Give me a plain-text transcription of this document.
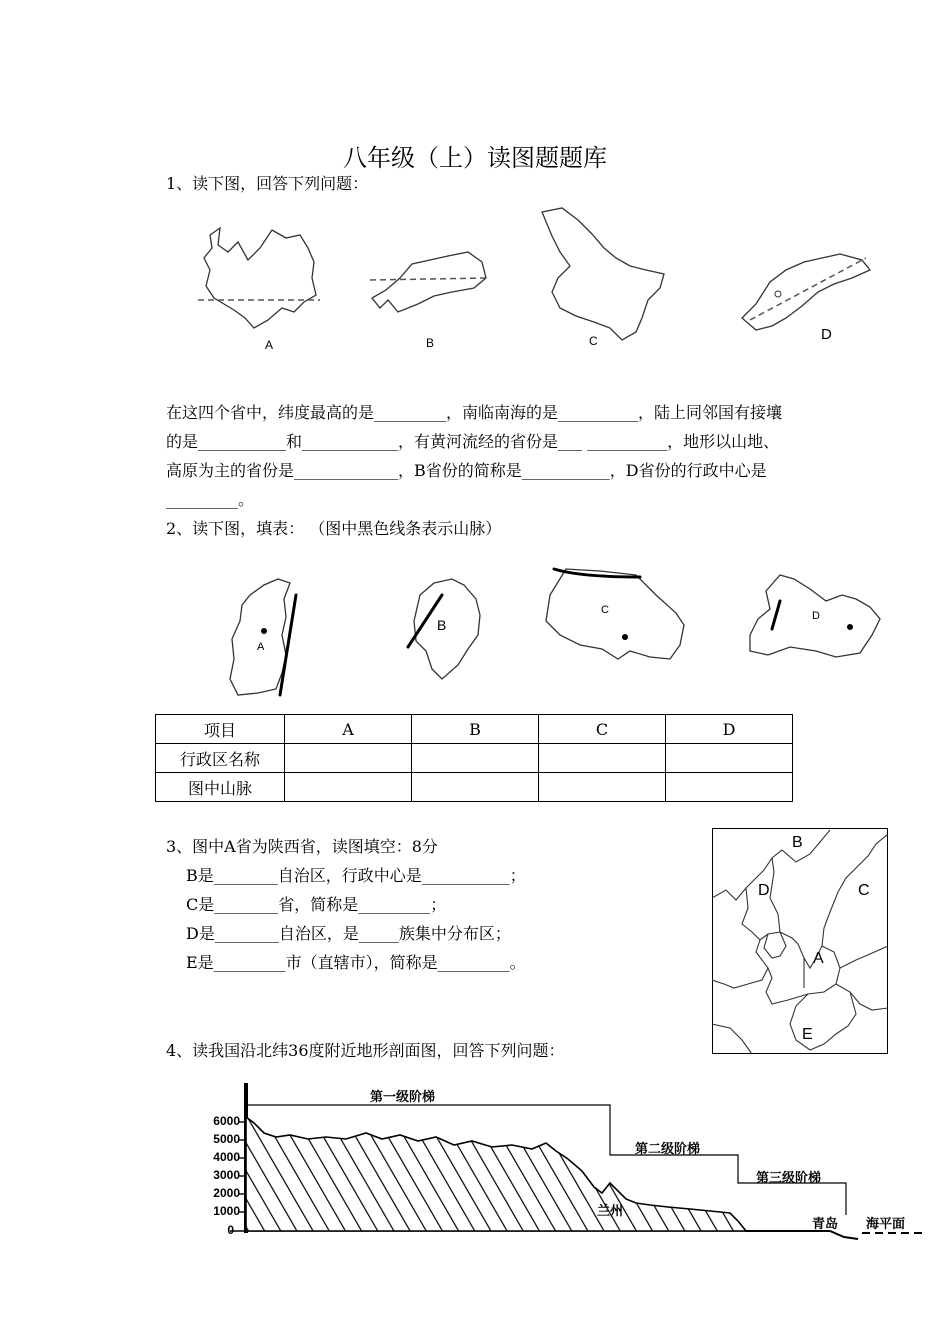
八年级（上）读图题题库
1、读下图，回答下列问题：
A	B	C	D
在这四个省中，纬度最高的是_________，南临南海的是__________，陆上同邻国有接壤的是___________和____________，有黄河流经的省份是___ __________，地形以山地、高原为主的省份是_____________，B省份的简称是___________，D省份的行政中心是_________。
2、读下图，填表： （图中黑色线条表示山脉）
A
B
C	D
项目	A	B	C	D
行政区名称				
图中山脉				
3、图中A省为陕西省，读图填空：8分
B是________自治区，行政中心是___________；
C是________省，简称是_________；
D是________自治区，是_____族集中分布区；
E是_________市（直辖市），简称是_________。
B
D	C
A
E
4、读我国沿北纬36度附近地形剖面图，回答下列问题：
6000
5000
4000
3000
2000
1000
0
第一级阶梯
第二级阶梯
第三级阶梯
兰州
青岛 海平面
